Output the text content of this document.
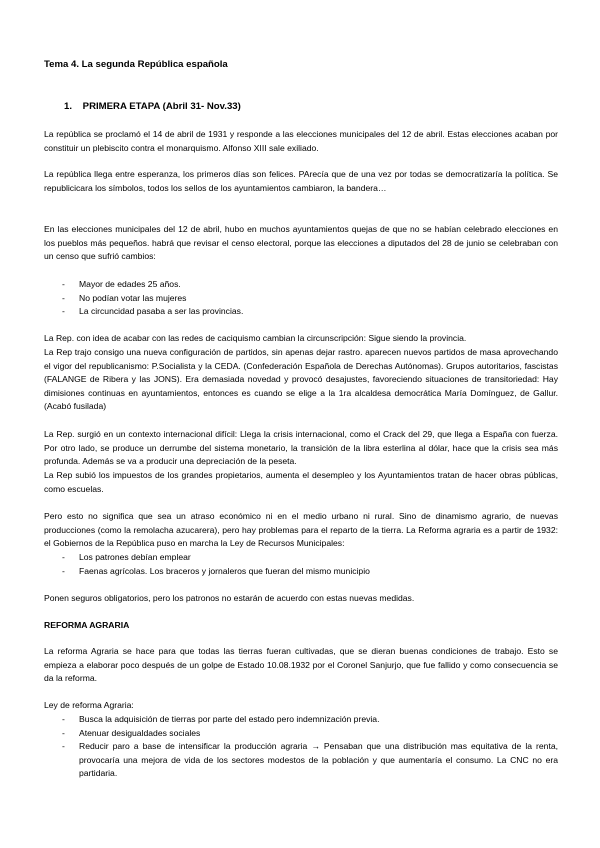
Tema 4. La segunda República española
1. PRIMERA ETAPA (Abril 31- Nov.33)

La república se proclamó el 14 de abril de 1931 y responde a las elecciones municipales del 12 de abril. Estas elecciones acaban por constituir un plebiscito contra el monarquismo. Alfonso XIII sale exiliado.

La república llega entre esperanza, los primeros días son felices. PArecía que de una vez por todas se democratizaría la política. Se republicicara los símbolos, todos los sellos de los ayuntamientos cambiaron, la bandera…

En las elecciones municipales del 12 de abril, hubo en muchos ayuntamientos quejas de que no se habían celebrado elecciones en los pueblos más pequeños. habrá que revisar el censo electoral, porque las elecciones a diputados del 28 de junio se celebraban con un censo que sufrió cambios:

- Mayor de edades 25 años.
- No podían votar las mujeres
- La circuncidad pasaba a ser las provincias.

La Rep. con idea de acabar con las redes de caciquismo cambian la circunscripción: Sigue siendo la provincia.

La Rep trajo consigo una nueva configuración de partidos, sin apenas dejar rastro. aparecen nuevos partidos de masa aprovechando el vigor del republicanismo: P.Socialista y la CEDA. (Confederación Española de Derechas Autónomas). Grupos autoritarios, fascistas (FALANGE de Ribera y las JONS). Era demasiada novedad y provocó desajustes, favoreciendo situaciones de transitoriedad: Hay dimisiones continuas en ayuntamientos, entonces es cuando se elige a la 1ra alcaldesa democrática María Domínguez, de Gallur. (Acabó fusilada)

La Rep. surgió en un contexto internacional difícil: Llega la crisis internacional, como el Crack del 29, que llega a España con fuerza. Por otro lado, se produce un derrumbe del sistema monetario, la transición de la libra esterlina al dólar, hace que la crisis sea más profunda. Además se va a producir una depreciación de la peseta.

La Rep subió los impuestos de los grandes propietarios, aumenta el desempleo y los Ayuntamientos tratan de hacer obras públicas, como escuelas.

Pero esto no significa que sea un atraso económico ni en el medio urbano ni rural. Sino de dinamismo agrario, de nuevas producciones (como la remolacha azucarera), pero hay problemas para el reparto de la tierra. La Reforma agraria es a partir de 1932: el Gobiernos de la República puso en marcha la Ley de Recursos Municipales:

- Los patrones debían emplear
- Faenas agrícolas. Los braceros y jornaleros que fueran del mismo municipio

Ponen seguros obligatorios, pero los patronos no estarán de acuerdo con estas nuevas medidas.

REFORMA AGRARIA

La reforma Agraria se hace para que todas las tierras fueran cultivadas, que se dieran buenas condiciones de trabajo. Esto se empieza a elaborar poco después de un golpe de Estado 10.08.1932 por el Coronel Sanjurjo, que fue fallido y como consecuencia se da la reforma.

Ley de reforma Agraria:

- Busca la adquisición de tierras por parte del estado pero indemnización previa.
- Atenuar desigualdades sociales
- Reducir paro a base de intensificar la producción agraria → Pensaban que una distribución mas equitativa de la renta, provocaría una mejora de vida de los sectores modestos de la población y que aumentaría el consumo. La CNC no era partidaria.
